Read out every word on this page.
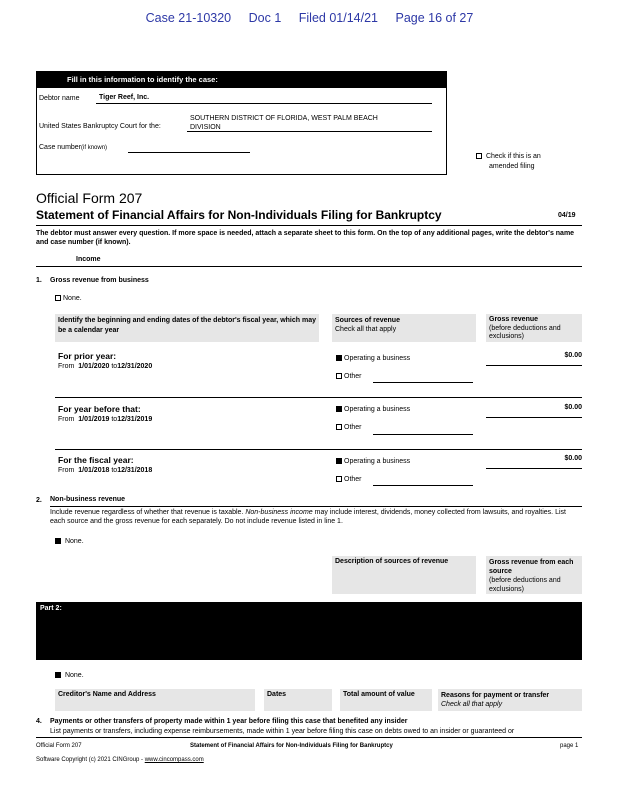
Case 21-10320 Doc 1 Filed 01/14/21 Page 16 of 27
Fill in this information to identify the case:
Debtor name	Tiger Reef, Inc.
United States Bankruptcy Court for the:
SOUTHERN DISTRICT OF FLORIDA, WEST PALM BEACH
DIVISION
Case number(if known)
Check if this is an
amended filing
Official Form 207
Statement of Financial Affairs for Non-Individuals Filing for Bankruptcy	04/19
The debtor must answer every question. If more space is needed, attach a separate sheet to this form. On the top of any additional pages, write the debtor's name and case number (if known).
Income
1. Gross revenue from business
None.
Identify the beginning and ending dates of the debtor's fiscal year, which may be a calendar year
Sources of revenue
Check all that apply
Gross revenue
(before deductions and exclusions)
For prior year:
From 1/01/2020 to12/31/2020
Operating a business
Other
$0.00
For year before that:
From 1/01/2019 to12/31/2019
Operating a business
Other
$0.00
For the fiscal year:
From 1/01/2018 to12/31/2018
Operating a business
Other
$0.00
2. Non-business revenue
Include revenue regardless of whether that revenue is taxable. Non-business income may include interest, dividends, money collected from lawsuits, and royalties. List each source and the gross revenue for each separately. Do not include revenue listed in line 1.
None.
Description of sources of revenue	Gross revenue from each source
(before deductions and exclusions)
Part 2:
None.
Creditor's Name and Address	Dates	Total amount of value	Reasons for payment or transfer
Check all that apply
4. Payments or other transfers of property made within 1 year before filing this case that benefited any insider
List payments or transfers, including expense reimbursements, made within 1 year before filing this case on debts owed to an insider or guaranteed or
Official Form 207	Statement of Financial Affairs for Non-Individuals Filing for Bankruptcy	page 1
Software Copyright (c) 2021 CINGroup - www.cincompass.com
